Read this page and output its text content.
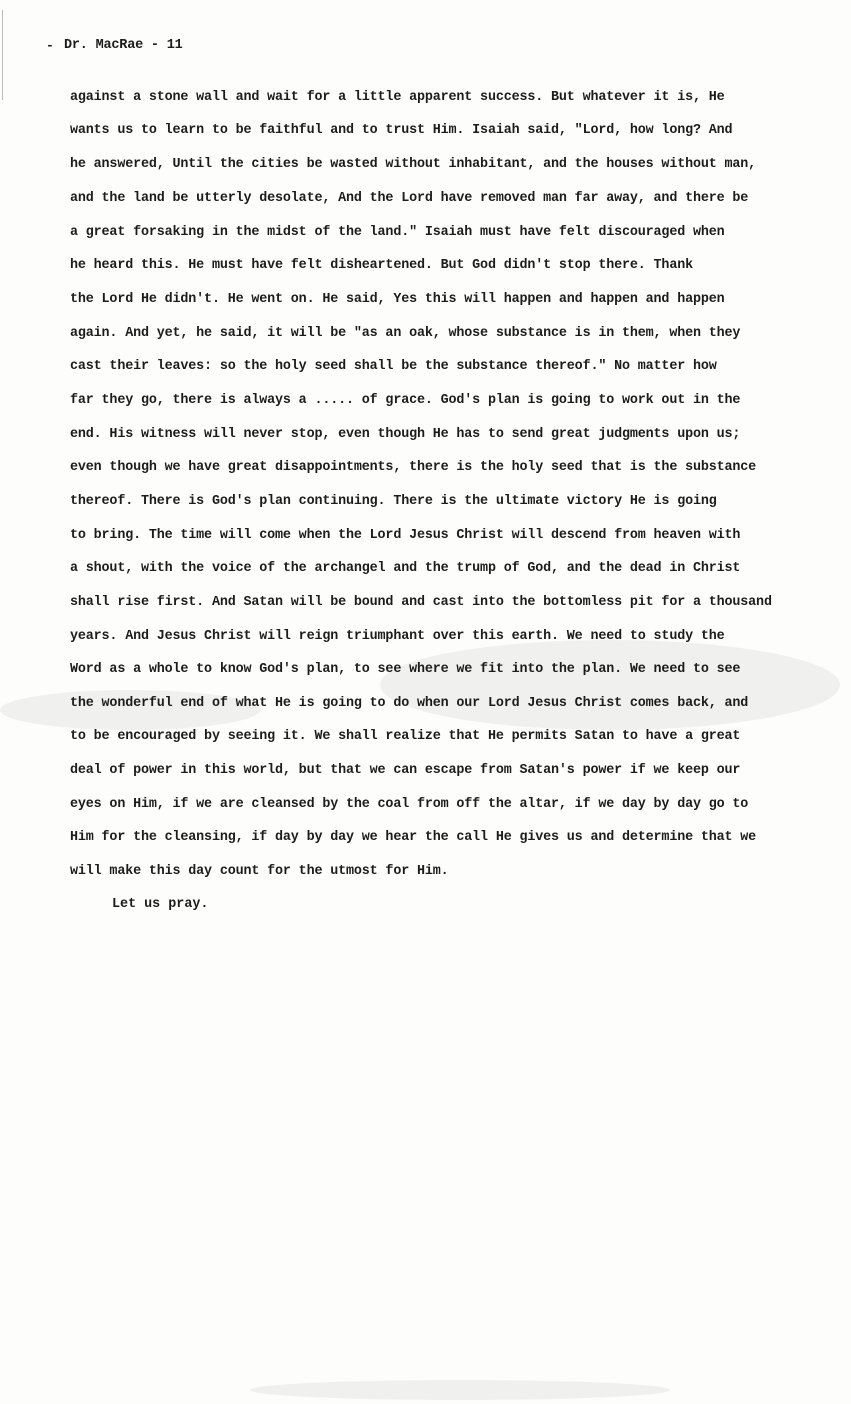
- Dr. MacRae - 11
against a stone wall and wait for a little apparent success. But whatever it is, He
wants us to learn to be faithful and to trust Him. Isaiah said, "Lord, how long? And
he answered, Until the cities be wasted without inhabitant, and the houses without man,
and the land be utterly desolate, And the Lord have removed man far away, and there be
a great forsaking in the midst of the land." Isaiah must have felt discouraged when
he heard this. He must have felt disheartened. But God didn't stop there. Thank
the Lord He didn't. He went on. He said, Yes this will happen and happen and happen
again. And yet, he said, it will be "as an oak, whose substance is in them, when they
cast their leaves: so the holy seed shall be the substance thereof." No matter how
far they go, there is always a ..... of grace. God's plan is going to work out in the
end. His witness will never stop, even though He has to send great judgments upon us;
even though we have great disappointments, there is the holy seed that is the substance
thereof. There is God's plan continuing. There is the ultimate victory He is going
to bring. The time will come when the Lord Jesus Christ will descend from heaven with
a shout, with the voice of the archangel and the trump of God, and the dead in Christ
shall rise first. And Satan will be bound and cast into the bottomless pit for a thousand
years. And Jesus Christ will reign triumphant over this earth. We need to study the
Word as a whole to know God's plan, to see where we fit into the plan. We need to see
the wonderful end of what He is going to do when our Lord Jesus Christ comes back, and
to be encouraged by seeing it. We shall realize that He permits Satan to have a great
deal of power in this world, but that we can escape from Satan's power if we keep our
eyes on Him, if we are cleansed by the coal from off the altar, if we day by day go to
Him for the cleansing, if day by day we hear the call He gives us and determine that we
will make this day count for the utmost for Him.
Let us pray.
